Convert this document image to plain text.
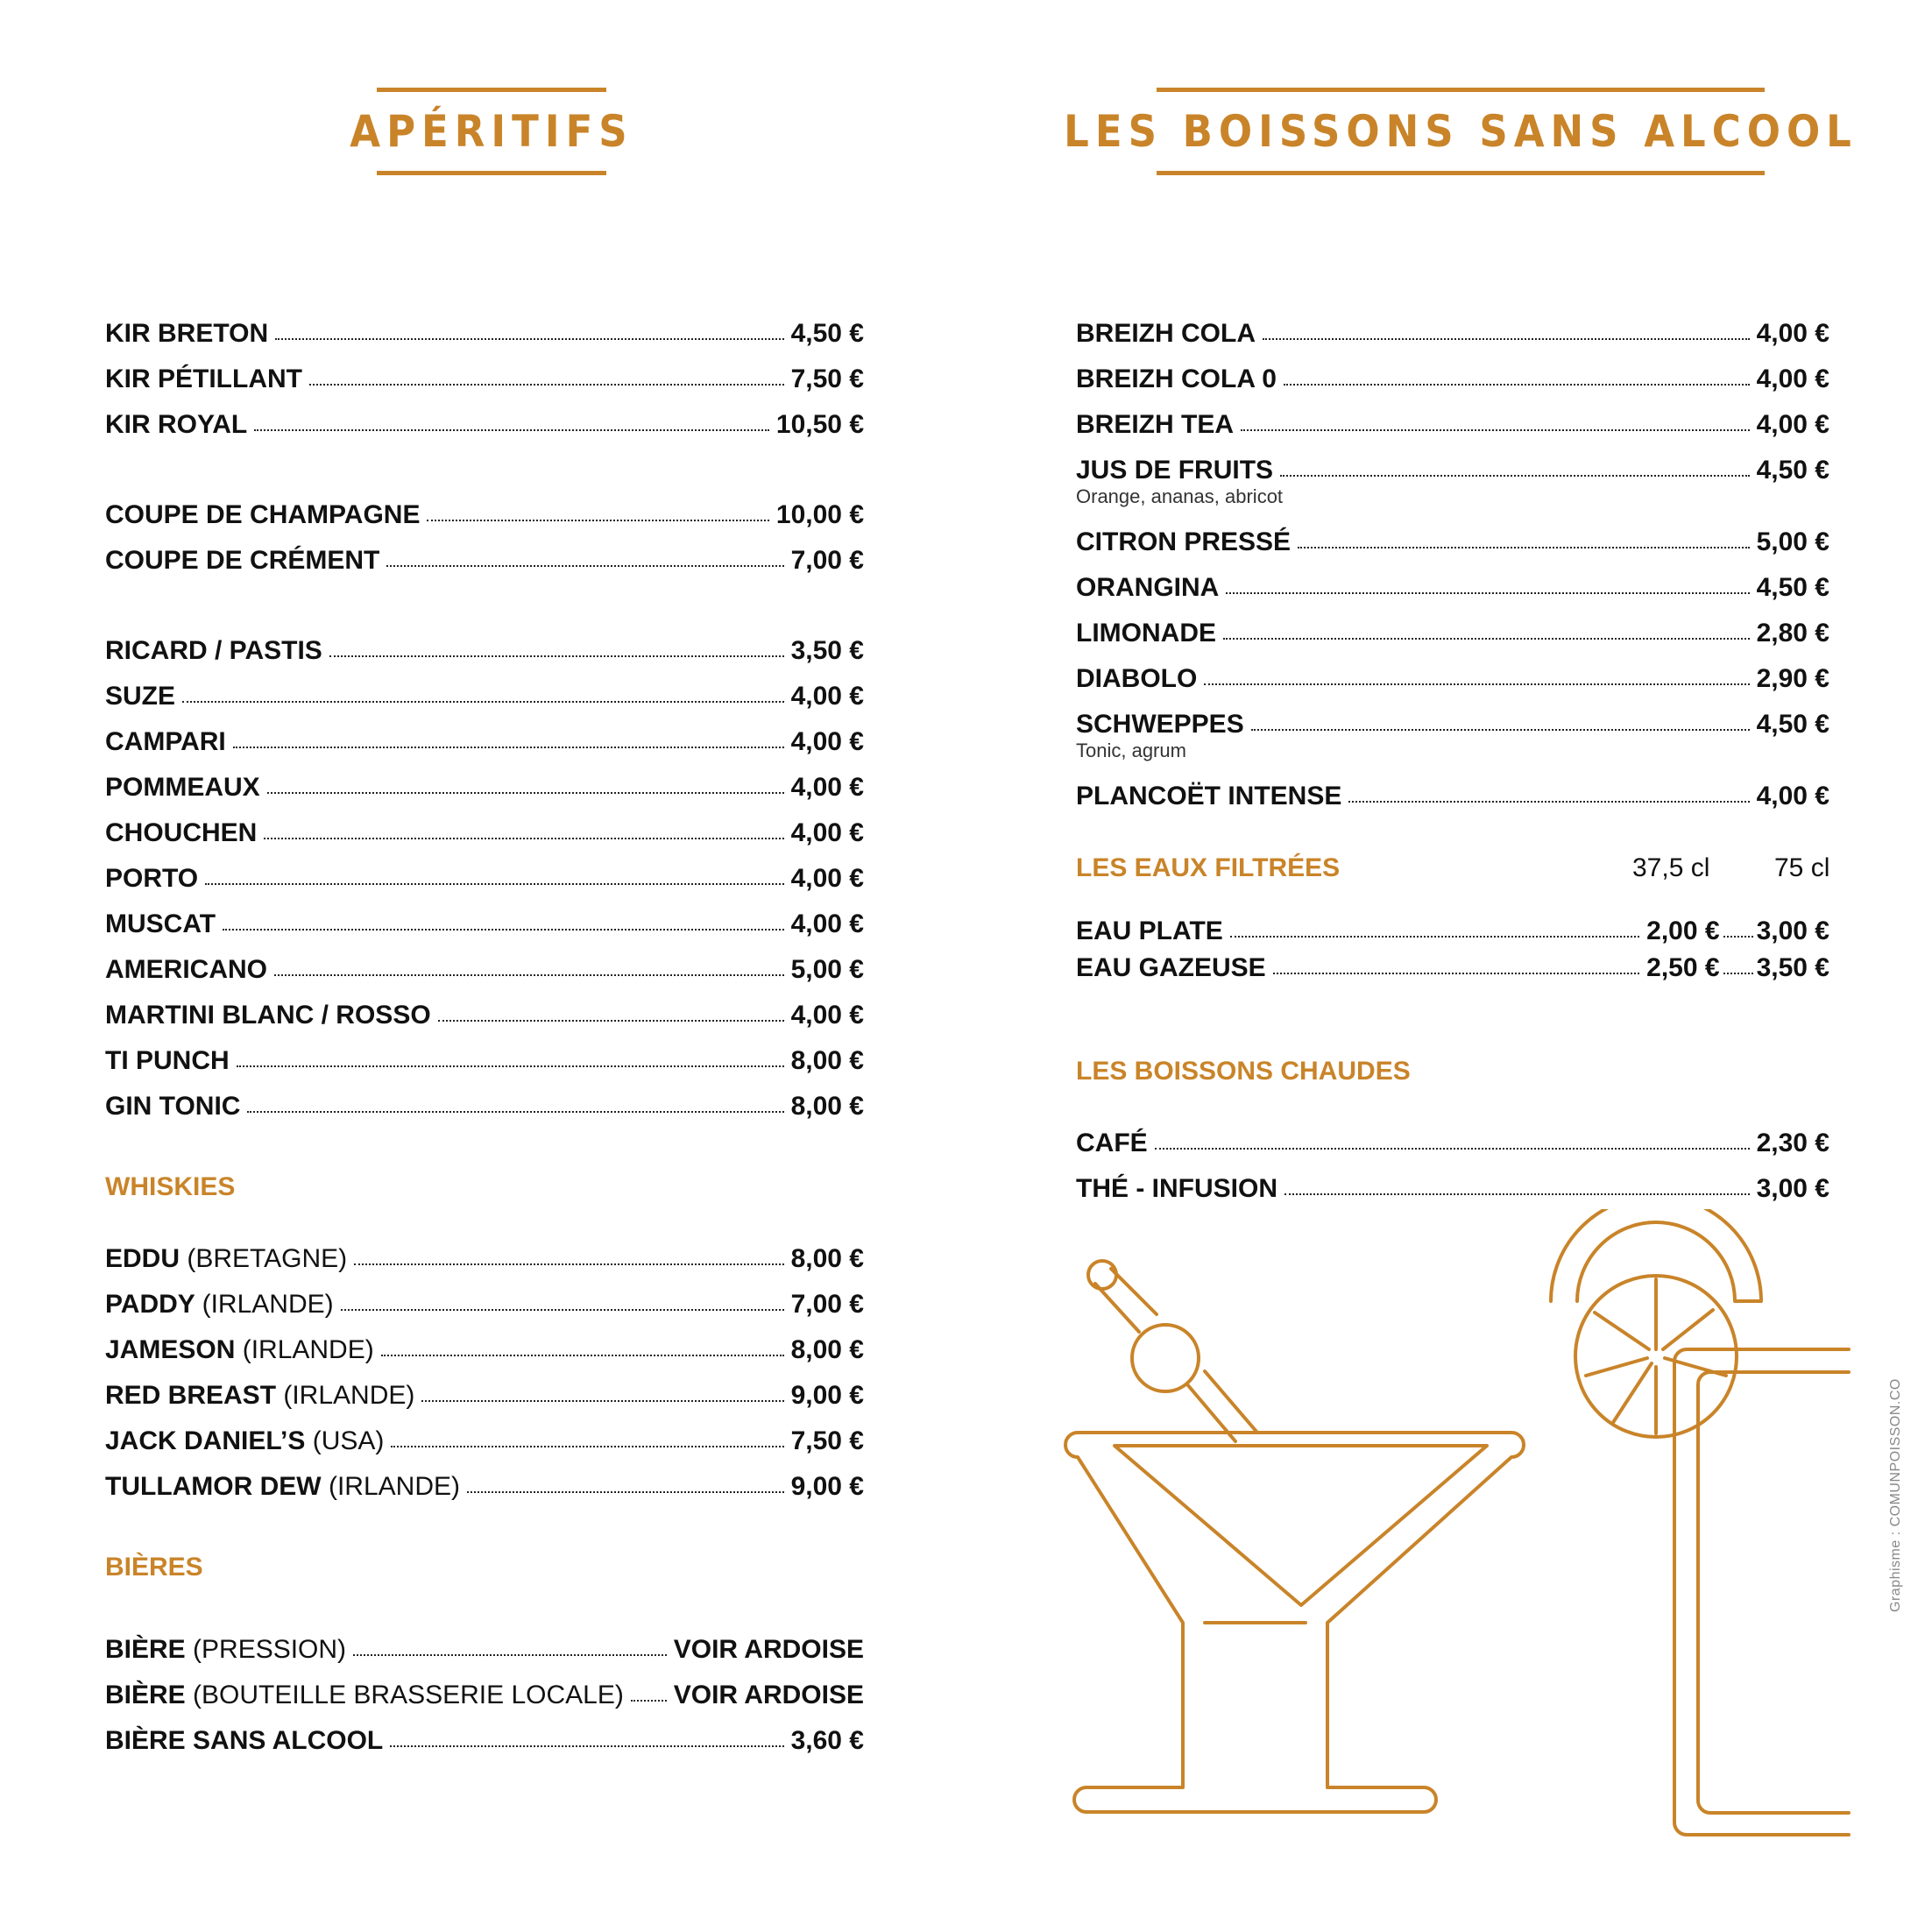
APÉRITIFS	LES BOISSONS SANS ALCOOL
KIR BRETON	4,50 €
KIR PÉTILLANT	7,50 €
KIR ROYAL	10,50 €
COUPE DE CHAMPAGNE	10,00 €
COUPE DE CRÉMENT	7,00 €
RICARD / PASTIS	3,50 €
SUZE	4,00 €
CAMPARI	4,00 €
POMMEAUX	4,00 €
CHOUCHEN	4,00 €
PORTO	4,00 €
MUSCAT	4,00 €
AMERICANO	5,00 €
MARTINI BLANC / ROSSO	4,00 €
TI PUNCH	8,00 €
GIN TONIC	8,00 €
WHISKIES
EDDU (BRETAGNE)	8,00 €
PADDY (IRLANDE)	7,00 €
JAMESON (IRLANDE)	8,00 €
RED BREAST (IRLANDE)	9,00 €
JACK DANIEL’S (USA)	7,50 €
TULLAMOR DEW (IRLANDE)	9,00 €
BIÈRES
BIÈRE (PRESSION)	VOIR ARDOISE
BIÈRE (BOUTEILLE BRASSERIE LOCALE) VOIR ARDOISE
BIÈRE SANS ALCOOL	3,60 €
BREIZH COLA	4,00 €
BREIZH COLA 0	4,00 €
BREIZH TEA	4,00 €
JUS DE FRUITS	4,50 €
Orange, ananas, abricot
CITRON PRESSÉ	5,00 €
ORANGINA	4,50 €
LIMONADE	2,80 €
DIABOLO	2,90 €
SCHWEPPES	4,50 €
Tonic, agrum
PLANCOËT INTENSE	4,00 €
LES EAUX FILTRÉES	37,5 cl 75 cl
EAU PLATE	2,00 € 3,00 €
EAU GAZEUSE	2,50 € 3,50 €
LES BOISSONS CHAUDES
CAFÉ	2,30 €
THÉ - INFUSION	3,00 €
Graphisme : COMUNPOISSON.CO
